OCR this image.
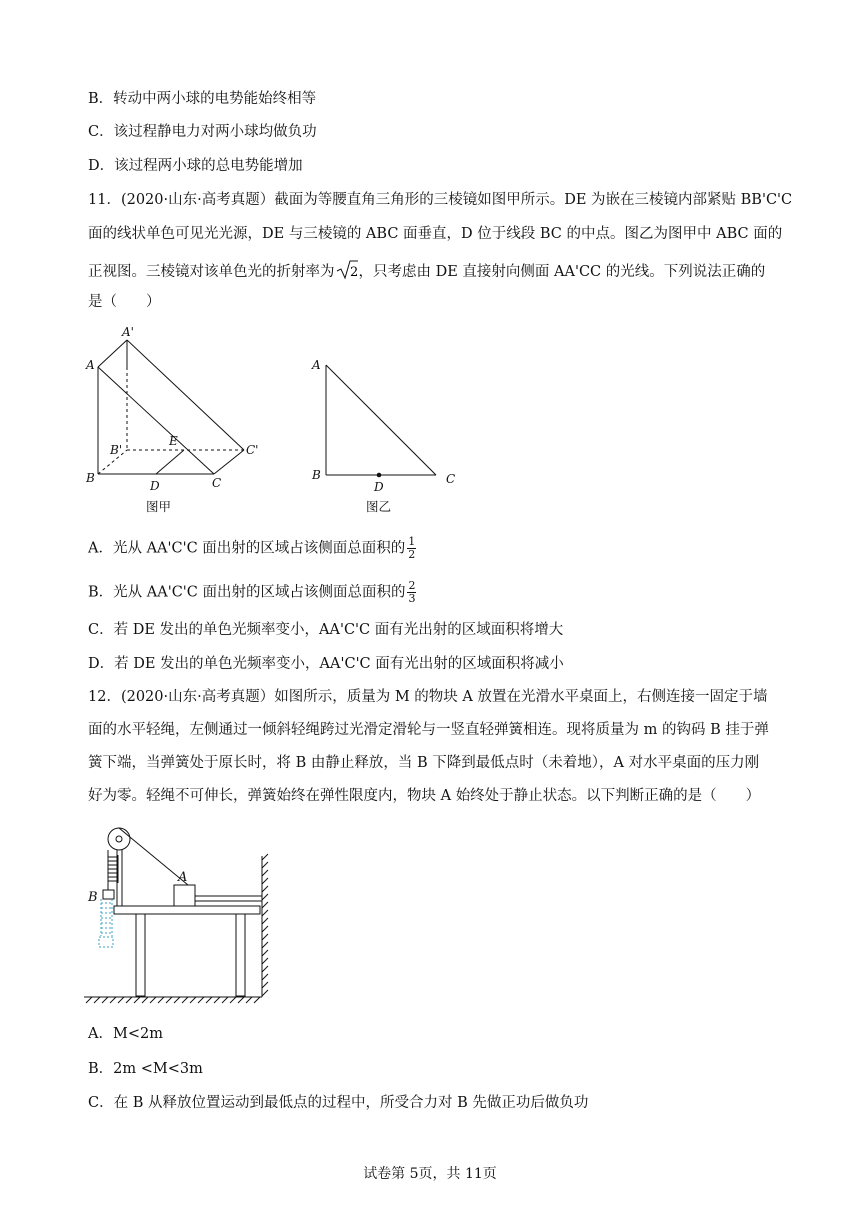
B．转动中两小球的电势能始终相等
C．该过程静电力对两小球均做负功
D．该过程两小球的总电势能增加
11．(2020·山东·高考真题）截面为等腰直角三角形的三棱镜如图甲所示。DE 为嵌在三棱镜内部紧贴 BB'C'C
面的线状单色可见光光源，DE 与三棱镜的 ABC 面垂直，D 位于线段 BC 的中点。图乙为图甲中 ABC 面的
正视图。三棱镜对该单色光的折射率为 2 ，只考虑由 DE 直接射向侧面 AA'CC 的光线。下列说法正确的
是（　　）
A
A'
B
B'
C
C'
D
E
图甲
A
B	C
D
图乙
A．光从 AA'C'C 面出射的区域占该侧面总面积的 $\frac{1}{2}$
B．光从 AA'C'C 面出射的区域占该侧面总面积的 $\frac{2}{3}$
C．若 DE 发出的单色光频率变小，AA'C'C 面有光出射的区域面积将增大
D．若 DE 发出的单色光频率变小，AA'C'C 面有光出射的区域面积将减小
12．(2020·山东·高考真题）如图所示，质量为 M 的物块 A 放置在光滑水平桌面上，右侧连接一固定于墙
面的水平轻绳，左侧通过一倾斜轻绳跨过光滑定滑轮与一竖直轻弹簧相连。现将质量为 m 的钩码 B 挂于弹
簧下端，当弹簧处于原长时，将 B 由静止释放，当 B 下降到最低点时（未着地），A 对水平桌面的压力刚
好为零。轻绳不可伸长，弹簧始终在弹性限度内，物块 A 始终处于静止状态。以下判断正确的是（　　）
A
B
A．M<2m
B．2m <M<3m
C．在 B 从释放位置运动到最低点的过程中，所受合力对 B 先做正功后做负功
试卷第 5页，共 11页
